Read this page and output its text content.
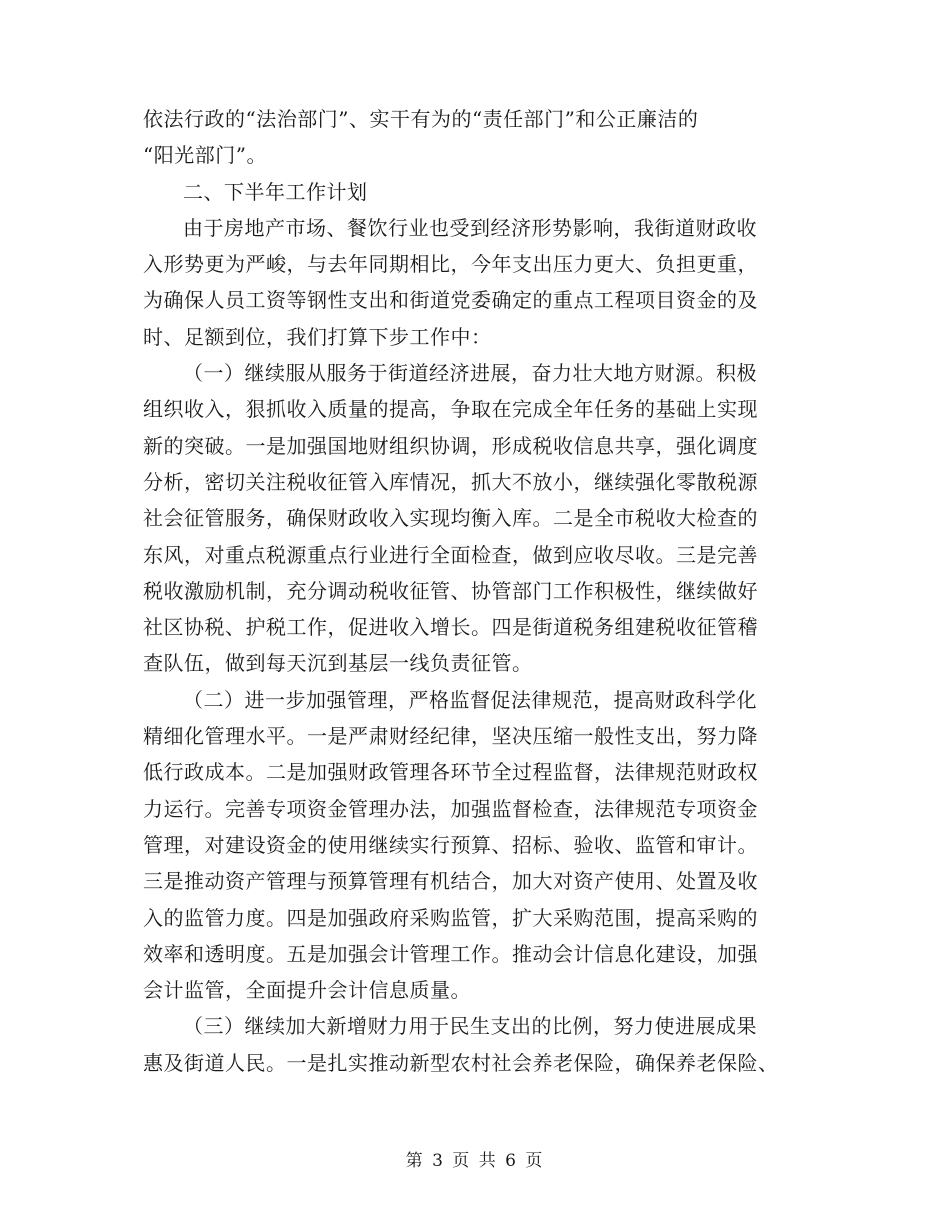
依法行政的“法治部门”、实干有为的“责任部门”和公正廉洁的
“阳光部门”。
二、下半年工作计划
由于房地产市场、餐饮行业也受到经济形势影响，我街道财政收
入形势更为严峻，与去年同期相比，今年支出压力更大、负担更重，
为确保人员工资等钢性支出和街道党委确定的重点工程项目资金的及
时、足额到位，我们打算下步工作中：
（一）继续服从服务于街道经济进展，奋力壮大地方财源。积极
组织收入，狠抓收入质量的提高，争取在完成全年任务的基础上实现
新的突破。一是加强国地财组织协调，形成税收信息共享，强化调度
分析，密切关注税收征管入库情况，抓大不放小，继续强化零散税源
社会征管服务，确保财政收入实现均衡入库。二是全市税收大检查的
东风，对重点税源重点行业进行全面检查，做到应收尽收。三是完善
税收激励机制，充分调动税收征管、协管部门工作积极性，继续做好
社区协税、护税工作，促进收入增长。四是街道税务组建税收征管稽
查队伍，做到每天沉到基层一线负责征管。
（二）进一步加强管理，严格监督促法律规范，提高财政科学化
精细化管理水平。一是严肃财经纪律，坚决压缩一般性支出，努力降
低行政成本。二是加强财政管理各环节全过程监督，法律规范财政权
力运行。完善专项资金管理办法，加强监督检查，法律规范专项资金
管理，对建设资金的使用继续实行预算、招标、验收、监管和审计。
三是推动资产管理与预算管理有机结合，加大对资产使用、处置及收
入的监管力度。四是加强政府采购监管，扩大采购范围，提高采购的
效率和透明度。五是加强会计管理工作。推动会计信息化建设，加强
会计监管，全面提升会计信息质量。
（三）继续加大新增财力用于民生支出的比例，努力使进展成果
惠及街道人民。一是扎实推动新型农村社会养老保险，确保养老保险、
第 3 页 共 6 页
